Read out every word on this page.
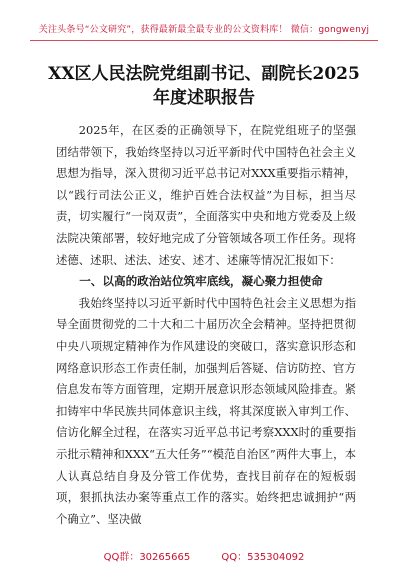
关注头条号“公文研究”，获得最新最全最专业的公文资料库！ 微信：gongwenyj
XX区人民法院党组副书记、副院长2025
年度述职报告

2025年，在区委的正确领导下，在院党组班子的坚强团结带领下，我始终坚持以习近平新时代中国特色社会主义思想为指导，深入贯彻习近平总书记对XXX重要指示精神，以“践行司法公正义，维护百姓合法权益”为目标，担当尽责，切实履行“一岗双责”，全面落实中央和地方党委及上级法院决策部署，较好地完成了分管领域各项工作任务。现将述德、述职、述法、述安、述才、述廉等情况汇报如下：

一、以高的政治站位筑牢底线，凝心聚力担使命

我始终坚持以习近平新时代中国特色社会主义思想为指导全面贯彻党的二十大和二十届历次全会精神。坚持把贯彻中央八项规定精神作为作风建设的突破口，落实意识形态和网络意识形态工作责任制，加强判后答疑、信访防控、官方信息发布等方面管理，定期开展意识形态领域风险排查。紧扣铸牢中华民族共同体意识主线，将其深度嵌入审判工作、信访化解全过程，在落实习近平总书记考察XXX时的重要指示批示精神和XXX“五大任务”“模范自治区”两件大事上，本人认真总结自身及分管工作优势，查找目前存在的短板弱项，狠抓执法办案等重点工作的落实。始终把忠诚拥护“两个确立”、坚决做

QQ群：30265665	QQ：535304092
